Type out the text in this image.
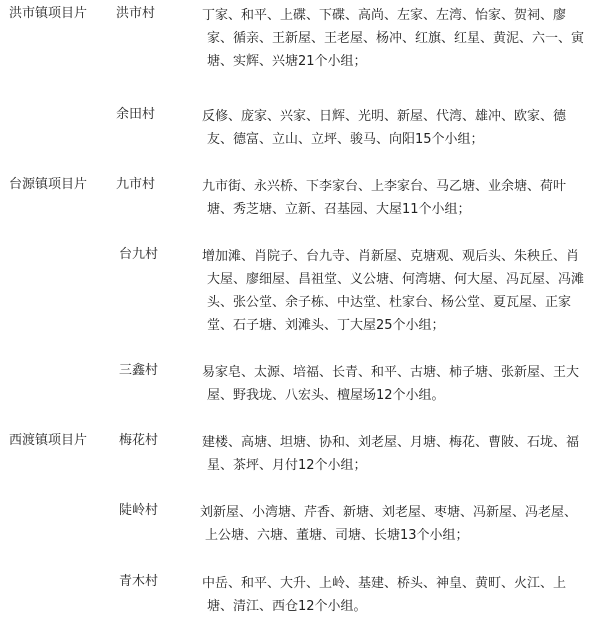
洪市镇项目片 洪市村	丁家、和平、上碟、下碟、高尚、左家、左湾、怡家、贺祠、廖
家、循亲、王新屋、王老屋、杨冲、红旗、红星、黄泥、六一、寅
塘、实辉、兴塘21个小组；
余田村	反修、庞家、兴家、日辉、光明、新屋、代湾、雄冲、欧家、德
友、德富、立山、立坪、骏马、向阳15个小组；
台源镇项目片 九市村	九市街、永兴桥、下李家台、上李家台、马乙塘、业余塘、荷叶
塘、秀芝塘、立新、召基园、大屋11个小组；
台九村	增加滩、肖院子、台九寺、肖新屋、克塘观、观后头、朱秧丘、肖
大屋、廖细屋、昌祖堂、义公塘、何湾塘、何大屋、冯瓦屋、冯滩
头、张公堂、余子栋、中达堂、杜家台、杨公堂、夏瓦屋、正家
堂、石子塘、刘滩头、丁大屋25个小组；
三鑫村	易家皂、太源、培福、长青、和平、古塘、柿子塘、张新屋、王大
屋、野我垅、八宏头、檀屋场12个小组。
西渡镇项目片 梅花村	建楼、高塘、坦塘、协和、刘老屋、月塘、梅花、曹陂、石垅、福
星、茶坪、月付12个小组；
陡岭村	刘新屋、小湾塘、芹香、新塘、刘老屋、枣塘、冯新屋、冯老屋、
上公塘、六塘、董塘、司塘、长塘13个小组；
青木村	中岳、和平、大升、上岭、基建、桥头、神皇、黄町、火江、上
塘、清江、西仓12个小组。
